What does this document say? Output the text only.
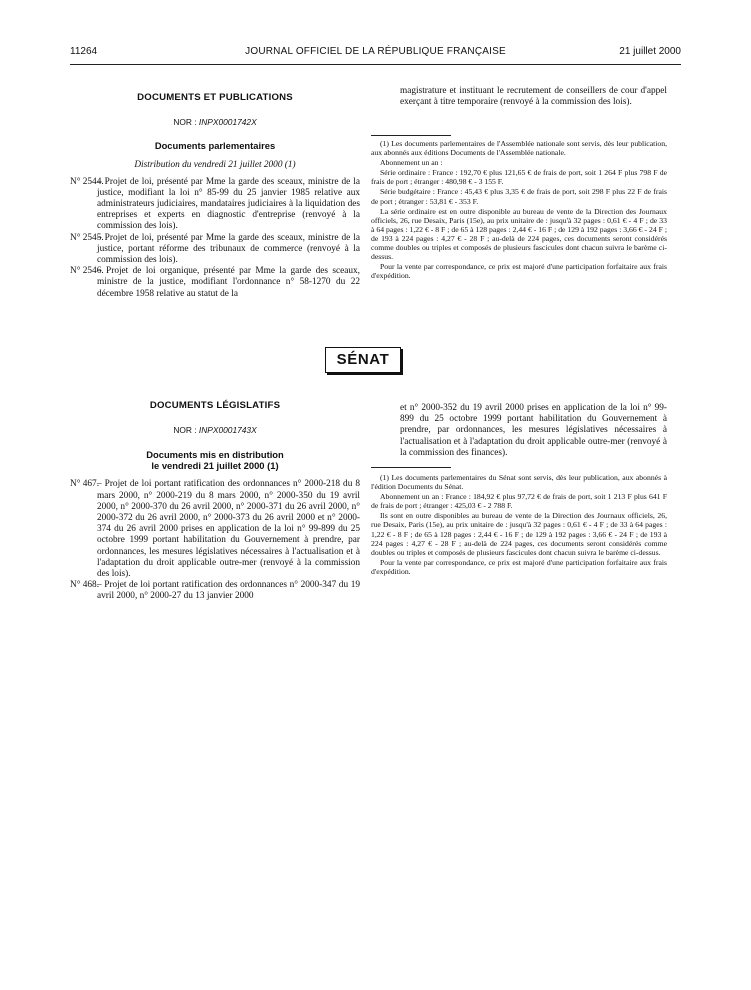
11264	JOURNAL OFFICIEL DE LA RÉPUBLIQUE FRANÇAISE	21 juillet 2000
DOCUMENTS ET PUBLICATIONS
NOR : INPX0001742X
Documents parlementaires
Distribution du vendredi 21 juillet 2000 (1)

N° 2544.
– Projet de loi, présenté par Mme la garde des sceaux, ministre de la justice, modifiant la loi n° 85-99 du 25 janvier 1985 relative aux administrateurs judiciaires, mandataires judiciaires à la liquidation des entreprises et experts en diagnostic d'entreprise (renvoyé à la commission des lois).

N° 2545.
– Projet de loi, présenté par Mme la garde des sceaux, ministre de la justice, portant réforme des tribunaux de commerce (renvoyé à la commission des lois).

N° 2546.
– Projet de loi organique, présenté par Mme la garde des sceaux, ministre de la justice, modifiant l'ordonnance n° 58-1270 du 22 décembre 1958 relative au statut de la

magistrature et instituant le recrutement de conseillers de cour d'appel exerçant à titre temporaire (renvoyé à la commission des lois).

(1) Les documents parlementaires de l'Assemblée nationale sont servis, dès leur publication, aux abonnés aux éditions Documents de l'Assemblée nationale.

Abonnement un an :

Série ordinaire : France : 192,70 € plus 121,65 € de frais de port, soit 1 264 F plus 798 F de frais de port ; étranger : 480,98 € - 3 155 F.

Série budgétaire : France : 45,43 € plus 3,35 € de frais de port, soit 298 F plus 22 F de frais de port ; étranger : 53,81 € - 353 F.

La série ordinaire est en outre disponible au bureau de vente de la Direction des Journaux officiels, 26, rue Desaix, Paris (15e), au prix unitaire de : jusqu'à 32 pages : 0,61 € - 4 F ; de 33 à 64 pages : 1,22 € - 8 F ; de 65 à 128 pages : 2,44 € - 16 F ; de 129 à 192 pages : 3,66 € - 24 F ; de 193 à 224 pages : 4,27 € - 28 F ; au-delà de 224 pages, ces documents seront considérés comme doubles ou triples et composés de plusieurs fascicules dont chacun suivra le barème ci-dessus.

Pour la vente par correspondance, ce prix est majoré d'une participation forfaitaire aux frais d'expédition.

SÉNAT
DOCUMENTS LÉGISLATIFS
NOR : INPX0001743X
Documents mis en distribution
le vendredi 21 juillet 2000 (1)

N° 467.
– Projet de loi portant ratification des ordonnances n° 2000-218 du 8 mars 2000, n° 2000-219 du 8 mars 2000, n° 2000-350 du 19 avril 2000, n° 2000-370 du 26 avril 2000, n° 2000-371 du 26 avril 2000, n° 2000-372 du 26 avril 2000, n° 2000-373 du 26 avril 2000 et n° 2000-374 du 26 avril 2000 prises en application de la loi n° 99-899 du 25 octobre 1999 portant habilitation du Gouvernement à prendre, par ordonnances, les mesures législatives nécessaires à l'actualisation et à l'adaptation du droit applicable outre-mer (renvoyé à la commission des lois).

N° 468.
– Projet de loi portant ratification des ordonnances n° 2000-347 du 19 avril 2000, n° 2000-27 du 13 janvier 2000

et n° 2000-352 du 19 avril 2000 prises en application de la loi n° 99-899 du 25 octobre 1999 portant habilitation du Gouvernement à prendre, par ordonnances, les mesures législatives nécessaires à l'actualisation et à l'adaptation du droit applicable outre-mer (renvoyé à la commission des finances).

(1) Les documents parlementaires du Sénat sont servis, dès leur publication, aux abonnés à l'édition Documents du Sénat.

Abonnement un an : France : 184,92 € plus 97,72 € de frais de port, soit 1 213 F plus 641 F de frais de port ; étranger : 425,03 € - 2 788 F.

Ils sont en outre disponibles au bureau de vente de la Direction des Journaux officiels, 26, rue Desaix, Paris (15e), au prix unitaire de : jusqu'à 32 pages : 0,61 € - 4 F ; de 33 à 64 pages : 1,22 € - 8 F ; de 65 à 128 pages : 2,44 € - 16 F ; de 129 à 192 pages : 3,66 € - 24 F ; de 193 à 224 pages : 4,27 € - 28 F ; au-delà de 224 pages, ces documents seront considérés comme doubles ou triples et composés de plusieurs fascicules dont chacun suivra le barème ci-dessus.

Pour la vente par correspondance, ce prix est majoré d'une participation forfaitaire aux frais d'expédition.
